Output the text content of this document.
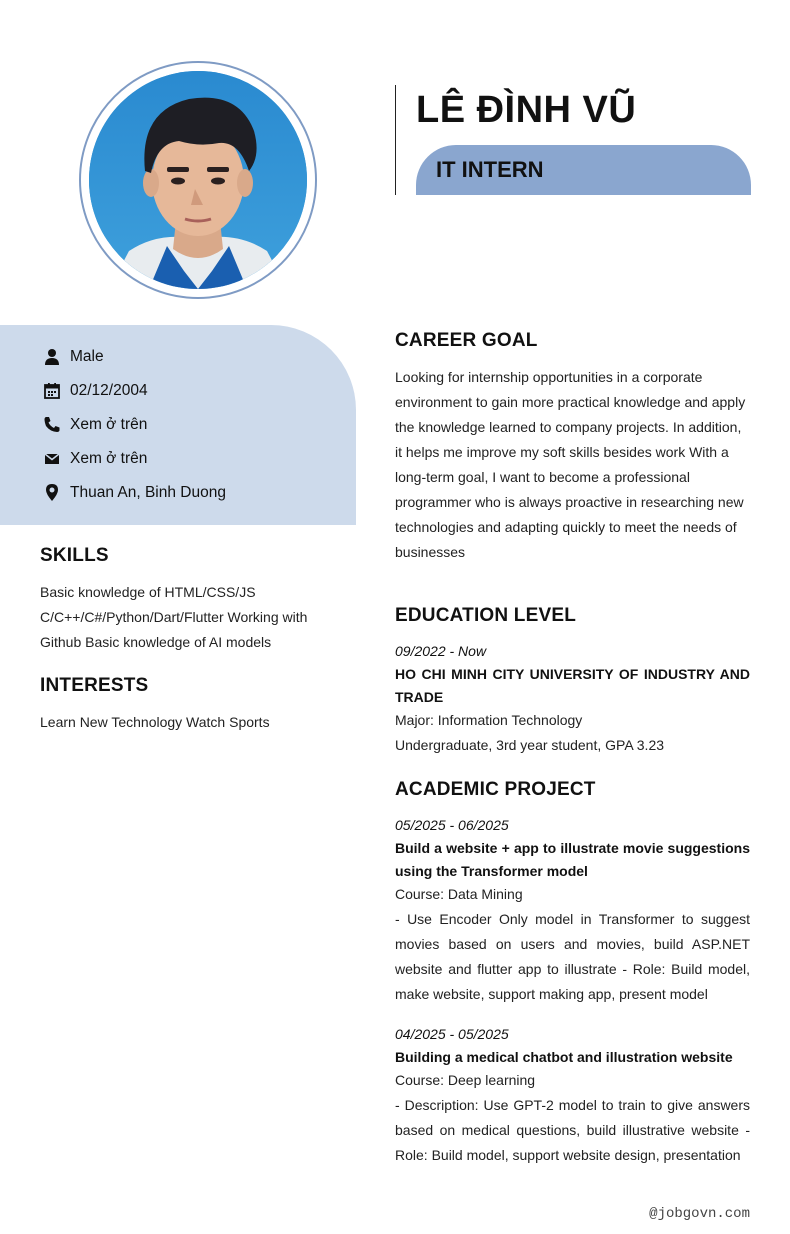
LÊ ĐÌNH VŨ
IT INTERN
Male
02/12/2004
Xem ở trên
Xem ở trên
Thuan An, Binh Duong
SKILLS
Basic knowledge of HTML/CSS/JS C/C++/C#/Python/Dart/Flutter Working with Github Basic knowledge of AI models
INTERESTS
Learn New Technology Watch Sports
CAREER GOAL
Looking for internship opportunities in a corporate environment to gain more practical knowledge and apply the knowledge learned to company projects. In addition, it helps me improve my soft skills besides work With a long-term goal, I want to become a professional programmer who is always proactive in researching new technologies and adapting quickly to meet the needs of businesses
EDUCATION LEVEL
09/2022 - Now
HO CHI MINH CITY UNIVERSITY OF INDUSTRY AND TRADE
Major: Information Technology
Undergraduate, 3rd year student, GPA 3.23
ACADEMIC PROJECT
05/2025 - 06/2025
Build a website + app to illustrate movie suggestions using the Transformer model
Course: Data Mining
- Use Encoder Only model in Transformer to suggest movies based on users and movies, build ASP.NET website and flutter app to illustrate - Role: Build model, make website, support making app, present model
04/2025 - 05/2025
Building a medical chatbot and illustration website
Course: Deep learning
- Description: Use GPT-2 model to train to give answers based on medical questions, build illustrative website - Role: Build model, support website design, presentation
@jobgovn.com
